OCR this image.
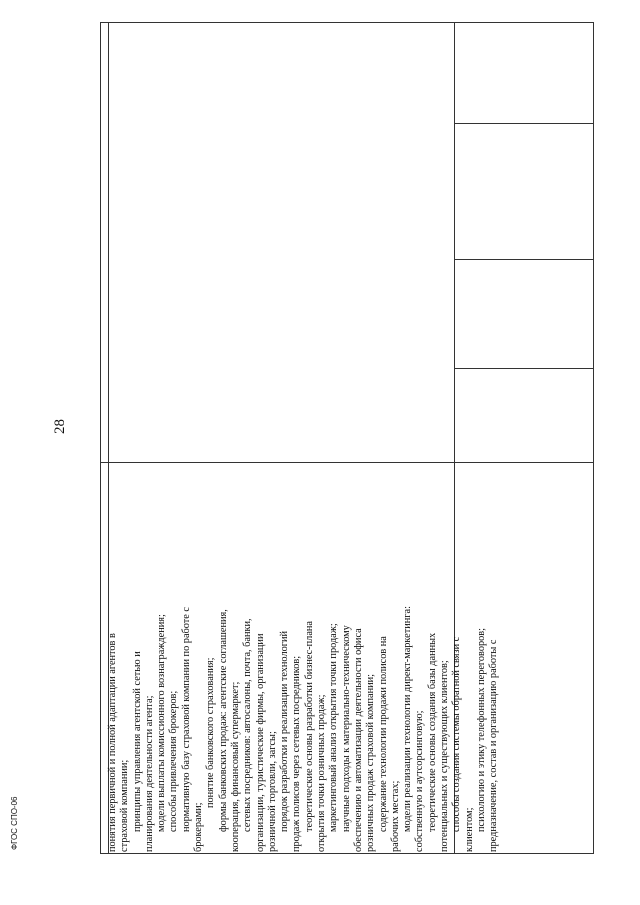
28
ФГОС СПО-06	понятия первичной и полной адаптации агентов в страховой компании; принципы управления агентской сетью и планирования деятельности агента; модели выплаты комиссионного вознаграждения; способы привлечения брокеров; нормативную базу страховой компании по работе с брокерами;
понятие банковского страхования; формы банковских продаж: агентские соглашения, кооперация, финансовый супермаркет; сетевых посредников: автосалоны, почта, банки, организации, туристические фирмы, организации розничной торговли, загсы; порядок разработки и реализации технологий продаж полисов через сетевых посредников; теоретические основы разработки бизнес-плана открытия точки розничных продаж; маркетинговый анализ открытия точки продаж; научные подходы к материально-техническому обеспечению и автоматизации деятельности офиса розничных продаж страховой компании; содержание технологии продажи полисов на рабочих местах; модели реализации технологии директ-маркетинга: собственную и аутсорсинговую; теоретические основы создания базы данных потенциальных и существующих клиентов; способы создания системы обратной связи с клиентом; психологию и этику телефонных переговоров; предназначение, состав и организацию работы с
